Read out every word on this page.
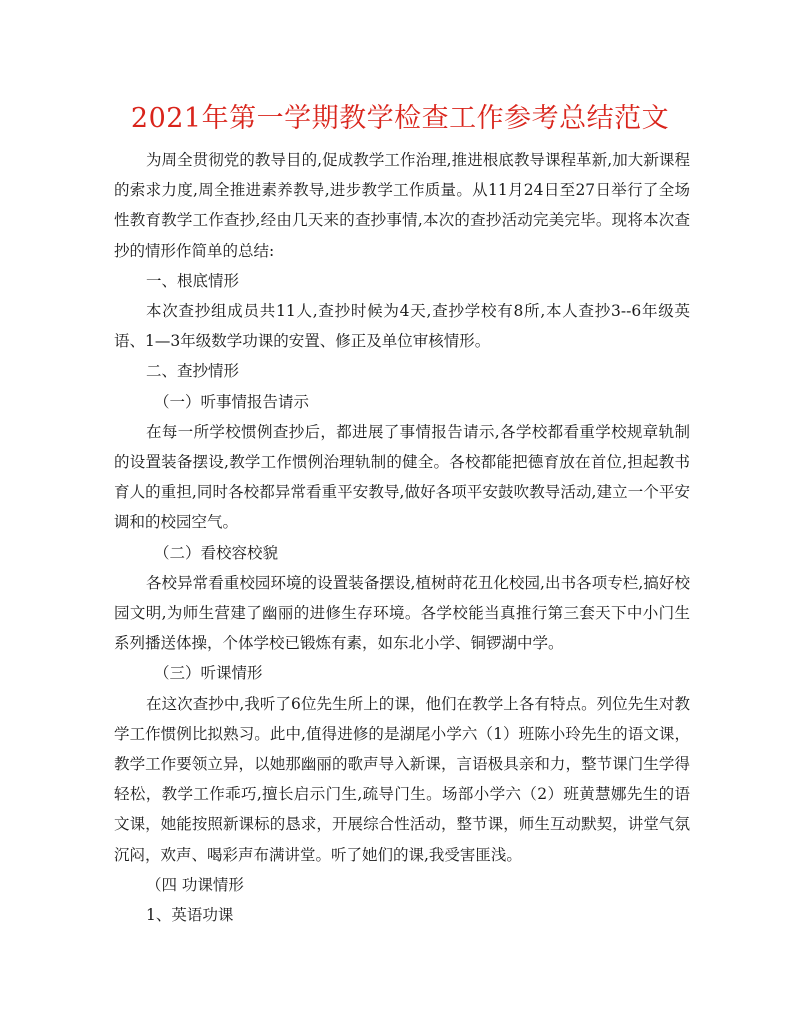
2021年第一学期教学检查工作参考总结范文

为周全贯彻党的教导目的,促成教学工作治理,推进根底教导课程革新,加大新课程的索求力度,周全推进素养教导,进步教学工作质量。从11月24日至27日举行了全场性教育教学工作查抄,经由几天来的查抄事情,本次的查抄活动完美完毕。现将本次查抄的情形作简单的总结:

一、根底情形

本次查抄组成员共11人,查抄时候为4天,查抄学校有8所,本人查抄3--6年级英语、1—3年级数学功课的安置、修正及单位审核情形。

二、查抄情形

（一）听事情报告请示

在每一所学校惯例查抄后，都进展了事情报告请示,各学校都看重学校规章轨制的设置装备摆设,教学工作惯例治理轨制的健全。各校都能把德育放在首位,担起教书育人的重担,同时各校都异常看重平安教导,做好各项平安鼓吹教导活动,建立一个平安调和的校园空气。

（二）看校容校貌

各校异常看重校园环境的设置装备摆设,植树莳花丑化校园,出书各项专栏,搞好校园文明,为师生营建了幽丽的进修生存环境。各学校能当真推行第三套天下中小门生系列播送体操，个体学校已锻炼有素，如东北小学、铜锣湖中学。

（三）听课情形

在这次查抄中,我听了6位先生所上的课，他们在教学上各有特点。列位先生对教学工作惯例比拟熟习。此中,值得进修的是湖尾小学六（1）班陈小玲先生的语文课，教学工作要领立异，以她那幽丽的歌声导入新课，言语极具亲和力，整节课门生学得轻松，教学工作乖巧,擅长启示门生,疏导门生。场部小学六（2）班黄慧娜先生的语文课，她能按照新课标的恳求，开展综合性活动，整节课，师生互动默契，讲堂气氛沉闷，欢声、喝彩声布满讲堂。听了她们的课,我受害匪浅。

（四 功课情形

1、英语功课
